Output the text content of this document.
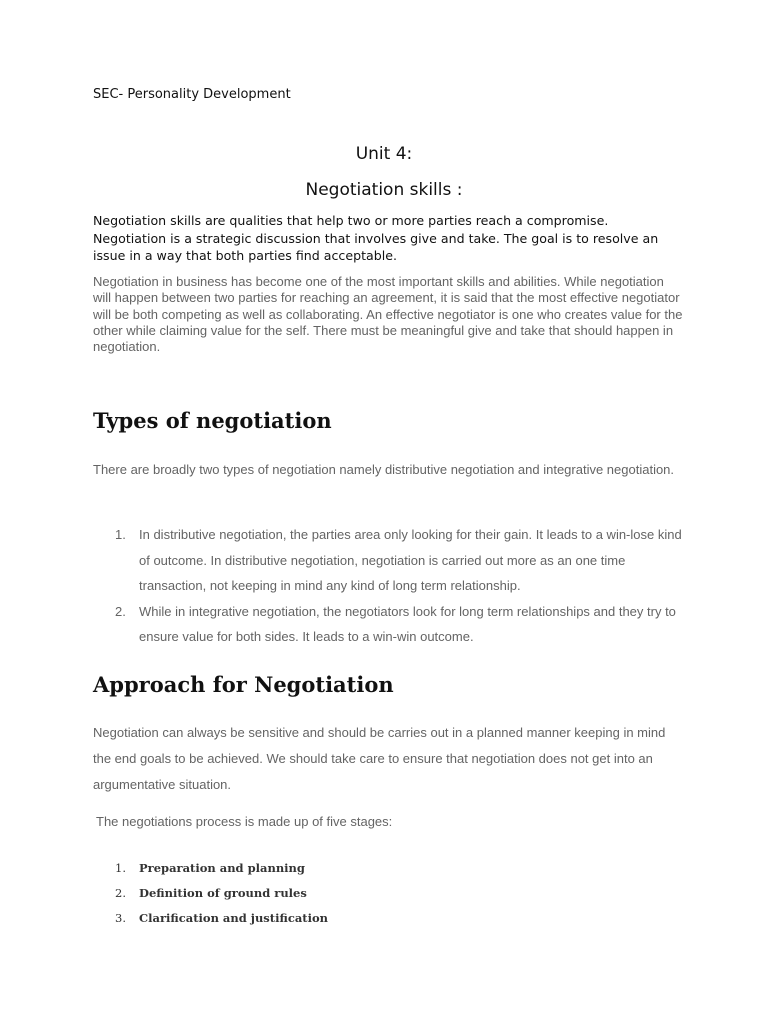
SEC- Personality Development
Unit 4:
Negotiation skills :

Negotiation skills are qualities that help two or more parties reach a compromise. Negotiation is a strategic discussion that involves give and take. The goal is to resolve an issue in a way that both parties find acceptable.

Negotiation in business has become one of the most important skills and abilities. While negotiation will happen between two parties for reaching an agreement, it is said that the most effective negotiator will be both competing as well as collaborating. An effective negotiator is one who creates value for the other while claiming value for the self. There must be meaningful give and take that should happen in negotiation.

Types of negotiation

There are broadly two types of negotiation namely distributive negotiation and integrative negotiation.

1. In distributive negotiation, the parties area only looking for their gain. It leads to a win-lose kind of outcome. In distributive negotiation, negotiation is carried out more as an one time transaction, not keeping in mind any kind of long term relationship.
2. While in integrative negotiation, the negotiators look for long term relationships and they try to ensure value for both sides. It leads to a win-win outcome.
Approach for Negotiation

Negotiation can always be sensitive and should be carries out in a planned manner keeping in mind the end goals to be achieved. We should take care to ensure that negotiation does not get into an argumentative situation.

The negotiations process is made up of five stages:

1. Preparation and planning
2. Definition of ground rules
3. Clarification and justification
